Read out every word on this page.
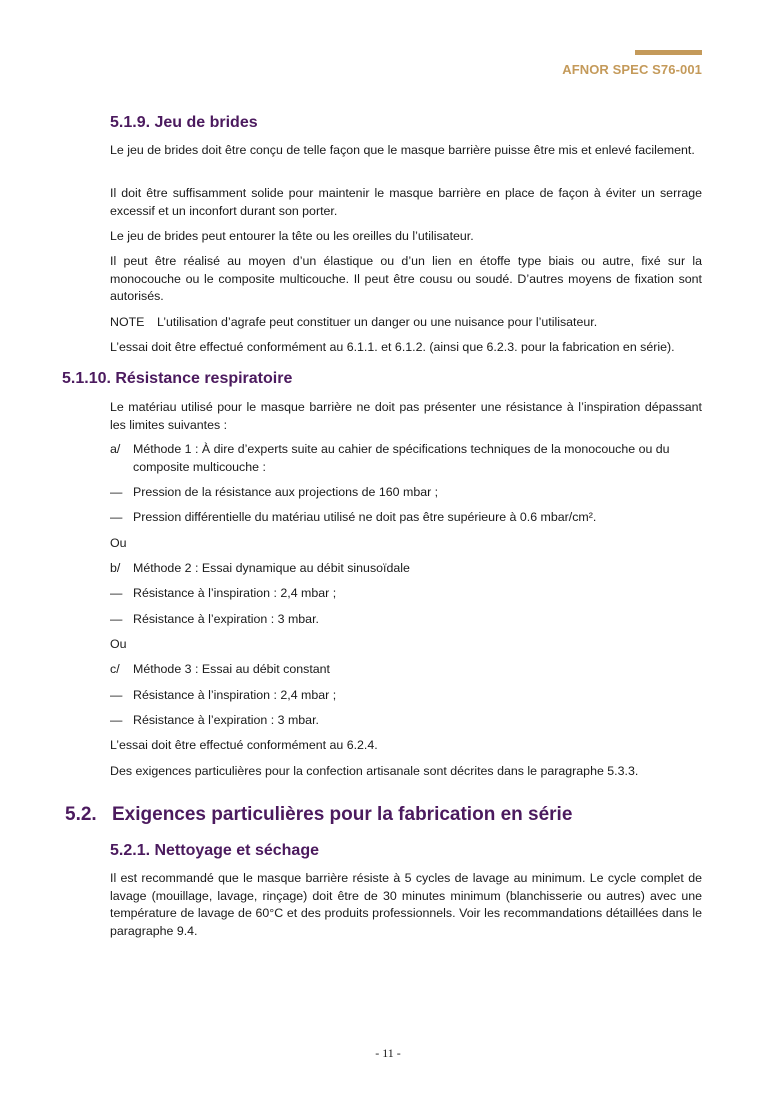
AFNOR SPEC S76-001
5.1.9. Jeu de brides
Le jeu de brides doit être conçu de telle façon que le masque barrière puisse être mis et enlevé facilement.
Il doit être suffisamment solide pour maintenir le masque barrière en place de façon à éviter un serrage excessif et un inconfort durant son porter.
Le jeu de brides peut entourer la tête ou les oreilles du l’utilisateur.
Il peut être réalisé au moyen d’un élastique ou d’un lien en étoffe type biais ou autre, fixé sur la monocouche ou le composite multicouche. Il peut être cousu ou soudé. D’autres moyens de fixation sont autorisés.
NOTE L’utilisation d’agrafe peut constituer un danger ou une nuisance pour l’utilisateur.
L’essai doit être effectué conformément au 6.1.1. et 6.1.2. (ainsi que 6.2.3. pour la fabrication en série).
5.1.10. Résistance respiratoire
Le matériau utilisé pour le masque barrière ne doit pas présenter une résistance à l’inspiration dépassant les limites suivantes :
a/	Méthode 1 : À dire d’experts suite au cahier de spécifications techniques de la monocouche ou du composite multicouche :
— Pression de la résistance aux projections de 160 mbar ;
— Pression différentielle du matériau utilisé ne doit pas être supérieure à 0.6 mbar/cm².
Ou
b/	Méthode 2 : Essai dynamique au débit sinusoïdale
— Résistance à l’inspiration : 2,4 mbar ;
— Résistance à l’expiration : 3 mbar.
Ou
c/	Méthode 3 : Essai au débit constant
— Résistance à l’inspiration : 2,4 mbar ;
— Résistance à l’expiration : 3 mbar.
L’essai doit être effectué conformément au 6.2.4.
Des exigences particulières pour la confection artisanale sont décrites dans le paragraphe 5.3.3.
5.2. Exigences particulières pour la fabrication en série
5.2.1. Nettoyage et séchage
Il est recommandé que le masque barrière résiste à 5 cycles de lavage au minimum. Le cycle complet de lavage (mouillage, lavage, rinçage) doit être de 30 minutes minimum (blanchisserie ou autres) avec une température de lavage de 60°C et des produits professionnels. Voir les recommandations détaillées dans le paragraphe 9.4.
- 11 -
